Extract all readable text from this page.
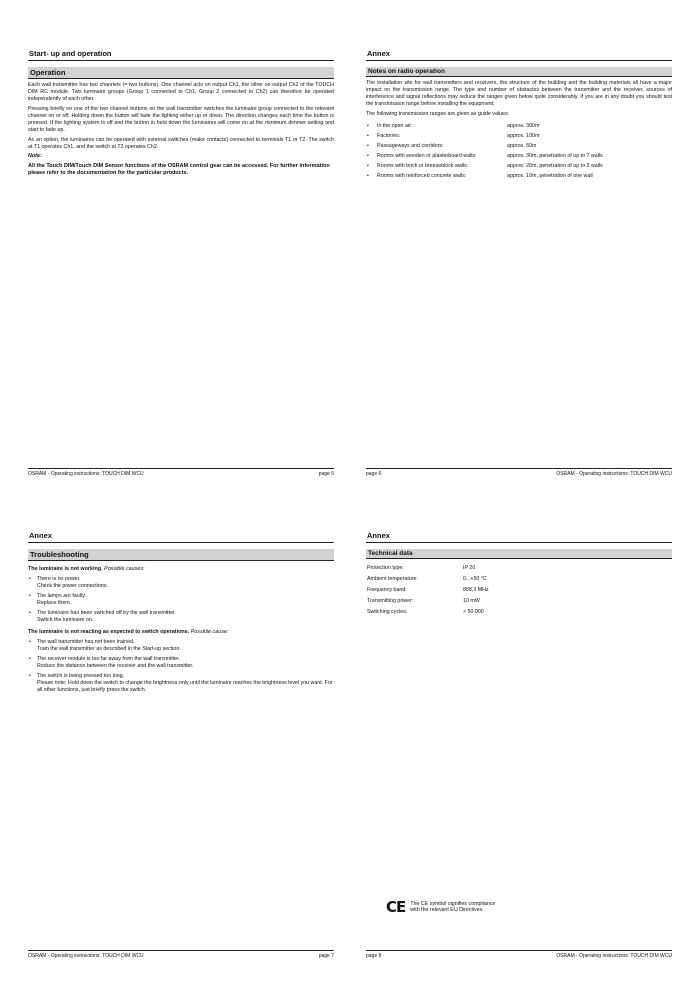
Start- up and operation
Operation

Each wall transmitter has two channels (= two buttons). One channel acts on output Ch1, the other on output Ch2 of the TOUCH DIM RC module. Two luminaire groups (Group 1 connected to Ch1, Group 2 connected to Ch2) can therefore be operated independently of each other.

Pressing briefly on one of the two channel buttons on the wall transmitter switches the luminaire group connected to the relevant channel on or off. Holding down the button will fade the lighting either up or down. The direction changes each time the button is pressed. If the lighting system is off and the button in held down the luminaires will come on at the minimum dimmer setting and start to fade up.

As an option, the luminaires can be operated with external switches (make contacts) connected to terminals T1 or T2. The switch at T1 operates Ch1, and the switch at T2 operates Ch2.

Note:

All the Touch DIM/Touch DIM Sensor functions of the OSRAM control gear can be accessed. For further information please refer to the documentation for the particular products.

OSRAM - Operating instructions: TOUCH DIM WCU	page 5
Annex
Notes on radio operation

The installation site for wall transmitters and receivers, the structure of the building and the building materials all have a major impact on the transmission range. The type and number of obstacles between the transmitter and the receiver, sources of interference and signal reflections may reduce the ranges given below quite considerably. If you are in any doubt you should test the transmission range before installing the equipment.

The following transmission ranges are given as guide values:

•	In the open air:	approx. 300m
•	Factories:	approx. 100m
•	Passageways and corridors:	approx. 50m
•	Rooms with wooden or plasterboard walls:	approx. 30m, penetration of up to 7 walls
•	Rooms with brick or breezeblock walls:	approx. 20m, penetration of up to 3 walls
•	Rooms with reinforced concrete walls:	approx. 10m, penetration of one wall
page 6	OSRAM - Operating instructions: TOUCH DIM WCU
Annex
Troubleshooting

The luminaire is not working. Possible causes:

• There is no power.
Check the power connections.
• The lamps are faulty.
Replace them.
• The luminaire has been switched off by the wall transmitter.
Switch the luminaire on.

The luminaire is not reacting as expected to switch operations. Possible cause:

• The wall transmitter has not been trained.
Train the wall transmitter as described in the Start-up section.
• The receiver module is too far away from the wall transmitter.
Reduce the distance between the receiver and the wall transmitter.
• The switch is being pressed too long.
Please note: Hold down the switch to change the brightness only until the luminaire reaches the brightness level you want. For all other functions, just briefly press the switch.
OSRAM - Operating instructions: TOUCH DIM WCU	page 7
Annex
Technical data
Protection type:	IP 20
Ambient temperature:	0...+50 °C
Frequency band:	868,3 MHz
Transmitting power:	10 mW
Switching cycles:	> 50.000
CE The CE symbol signifies compliance
with the relevant EU Directives
page 8	OSRAM - Operating instructions: TOUCH DIM WCU
